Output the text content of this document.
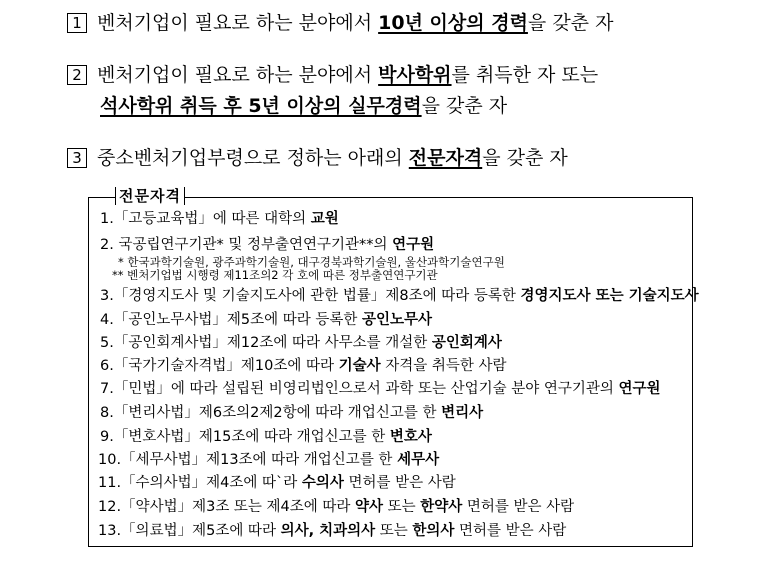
1 벤처기업이 필요로 하는 분야에서 10년 이상의 경력을 갖춘 자
2 벤처기업이 필요로 하는 분야에서 박사학위를 취득한 자 또는
석사학위 취득 후 5년 이상의 실무경력을 갖춘 자
3 중소벤처기업부령으로 정하는 아래의 전문자격을 갖춘 자
전문자격
1.「고등교육법」에 따른 대학의 교원
2. 국공립연구기관* 및 정부출연연구기관**의 연구원
* 한국과학기술원, 광주과학기술원, 대구경북과학기술원, 울산과학기술연구원
** 벤처기업법 시행령 제11조의2 각 호에 따른 정부출연연구기관
3.「경영지도사 및 기술지도사에 관한 법률」제8조에 따라 등록한 경영지도사 또는 기술지도사
4.「공인노무사법」제5조에 따라 등록한 공인노무사
5.「공인회계사법」제12조에 따라 사무소를 개설한 공인회계사
6.「국가기술자격법」제10조에 따라 기술사 자격을 취득한 사람
7.「민법」에 따라 설립된 비영리법인으로서 과학 또는 산업기술 분야 연구기관의 연구원
8.「변리사법」제6조의2제2항에 따라 개업신고를 한 변리사
9.「변호사법」제15조에 따라 개업신고를 한 변호사
10.「세무사법」제13조에 따라 개업신고를 한 세무사
11.「수의사법」제4조에 따`라 수의사 면허를 받은 사람
12.「약사법」제3조 또는 제4조에 따라 약사 또는 한약사 면허를 받은 사람
13.「의료법」제5조에 따라 의사, 치과의사 또는 한의사 면허를 받은 사람
